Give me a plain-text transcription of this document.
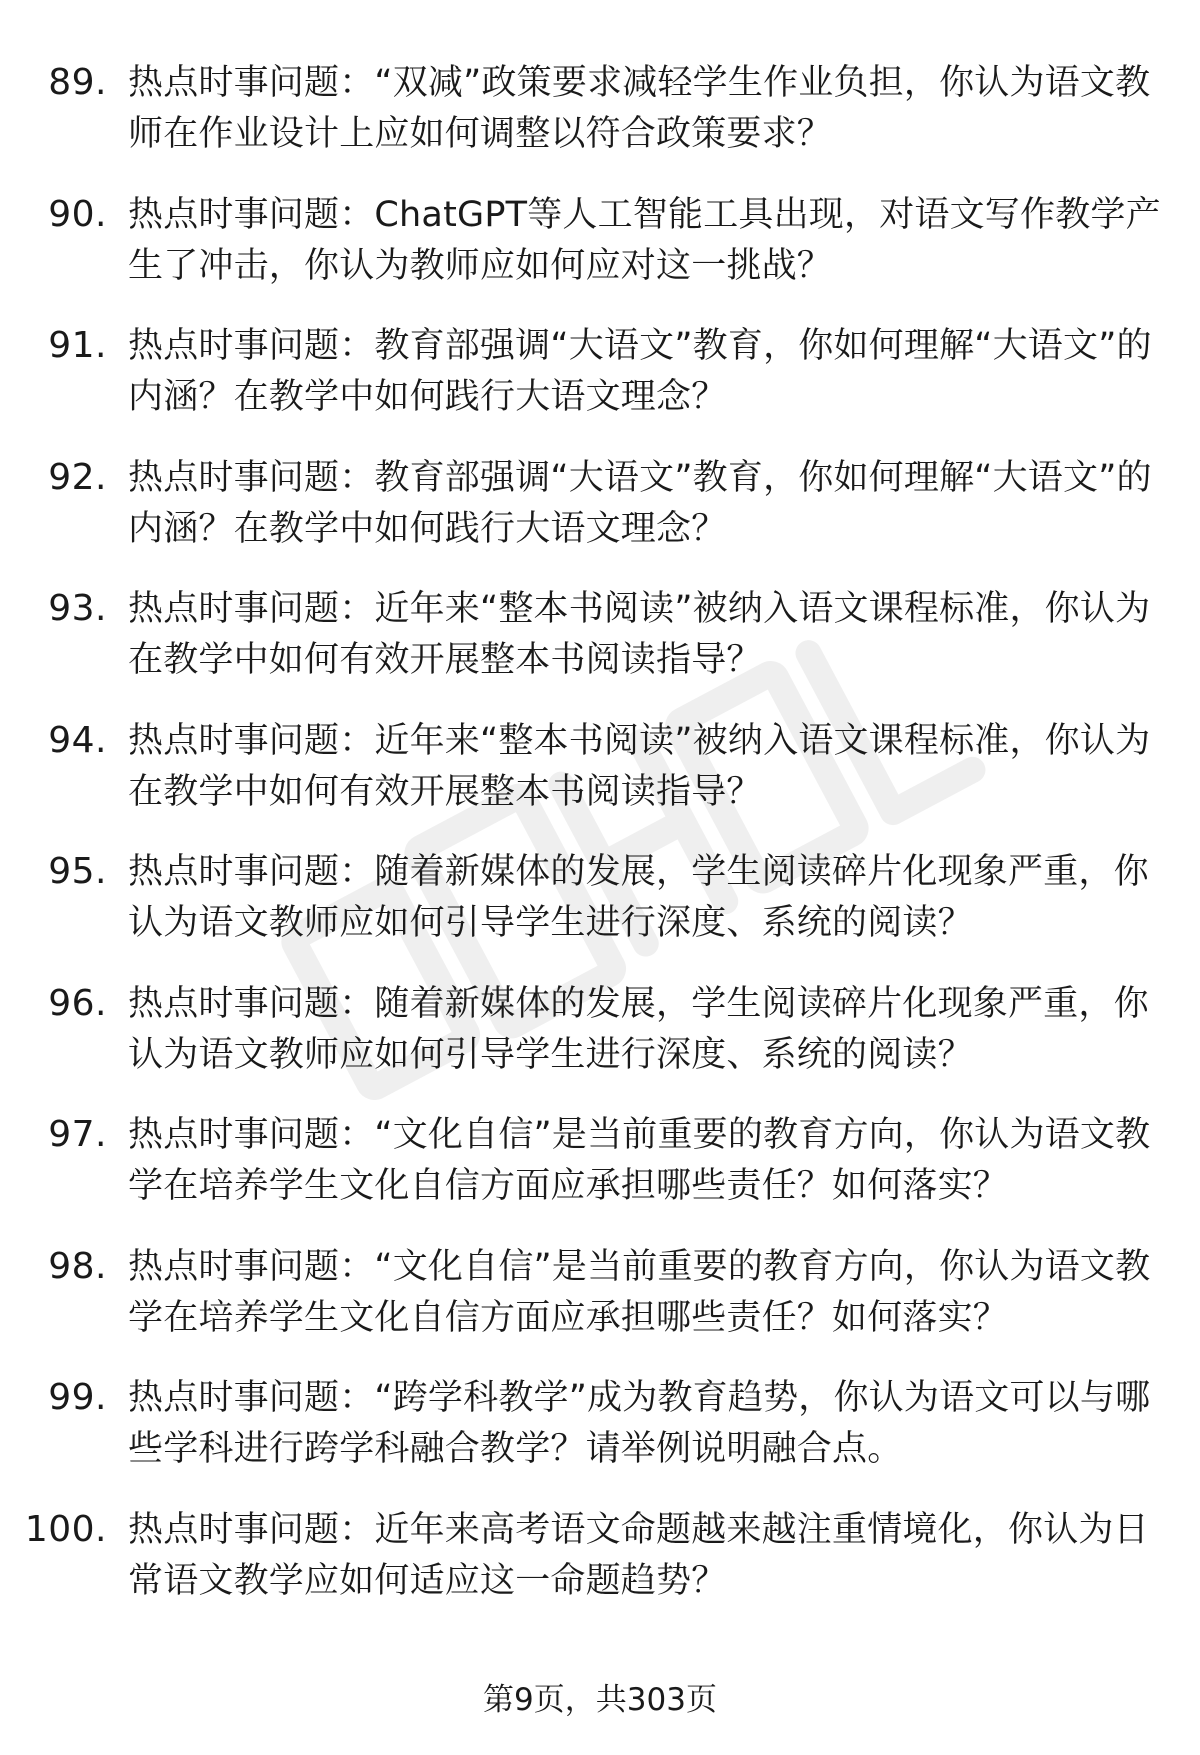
89. 热点时事问题：“双减”政策要求减轻学生作业负担，你认为语文教师在作业设计上应如何调整以符合政策要求？
90. 热点时事问题：ChatGPT等人工智能工具出现，对语文写作教学产生了冲击，你认为教师应如何应对这一挑战？
91. 热点时事问题：教育部强调“大语文”教育，你如何理解“大语文”的内涵？在教学中如何践行大语文理念？
92. 热点时事问题：教育部强调“大语文”教育，你如何理解“大语文”的内涵？在教学中如何践行大语文理念？
93. 热点时事问题：近年来“整本书阅读”被纳入语文课程标准，你认为在教学中如何有效开展整本书阅读指导？
94. 热点时事问题：近年来“整本书阅读”被纳入语文课程标准，你认为在教学中如何有效开展整本书阅读指导？
95. 热点时事问题：随着新媒体的发展，学生阅读碎片化现象严重，你认为语文教师应如何引导学生进行深度、系统的阅读？
96. 热点时事问题：随着新媒体的发展，学生阅读碎片化现象严重，你认为语文教师应如何引导学生进行深度、系统的阅读？
97. 热点时事问题：“文化自信”是当前重要的教育方向，你认为语文教学在培养学生文化自信方面应承担哪些责任？如何落实？
98. 热点时事问题：“文化自信”是当前重要的教育方向，你认为语文教学在培养学生文化自信方面应承担哪些责任？如何落实？
99. 热点时事问题：“跨学科教学”成为教育趋势，你认为语文可以与哪些学科进行跨学科融合教学？请举例说明融合点。
100. 热点时事问题：近年来高考语文命题越来越注重情境化，你认为日常语文教学应如何适应这一命题趋势？
第9页，共303页
